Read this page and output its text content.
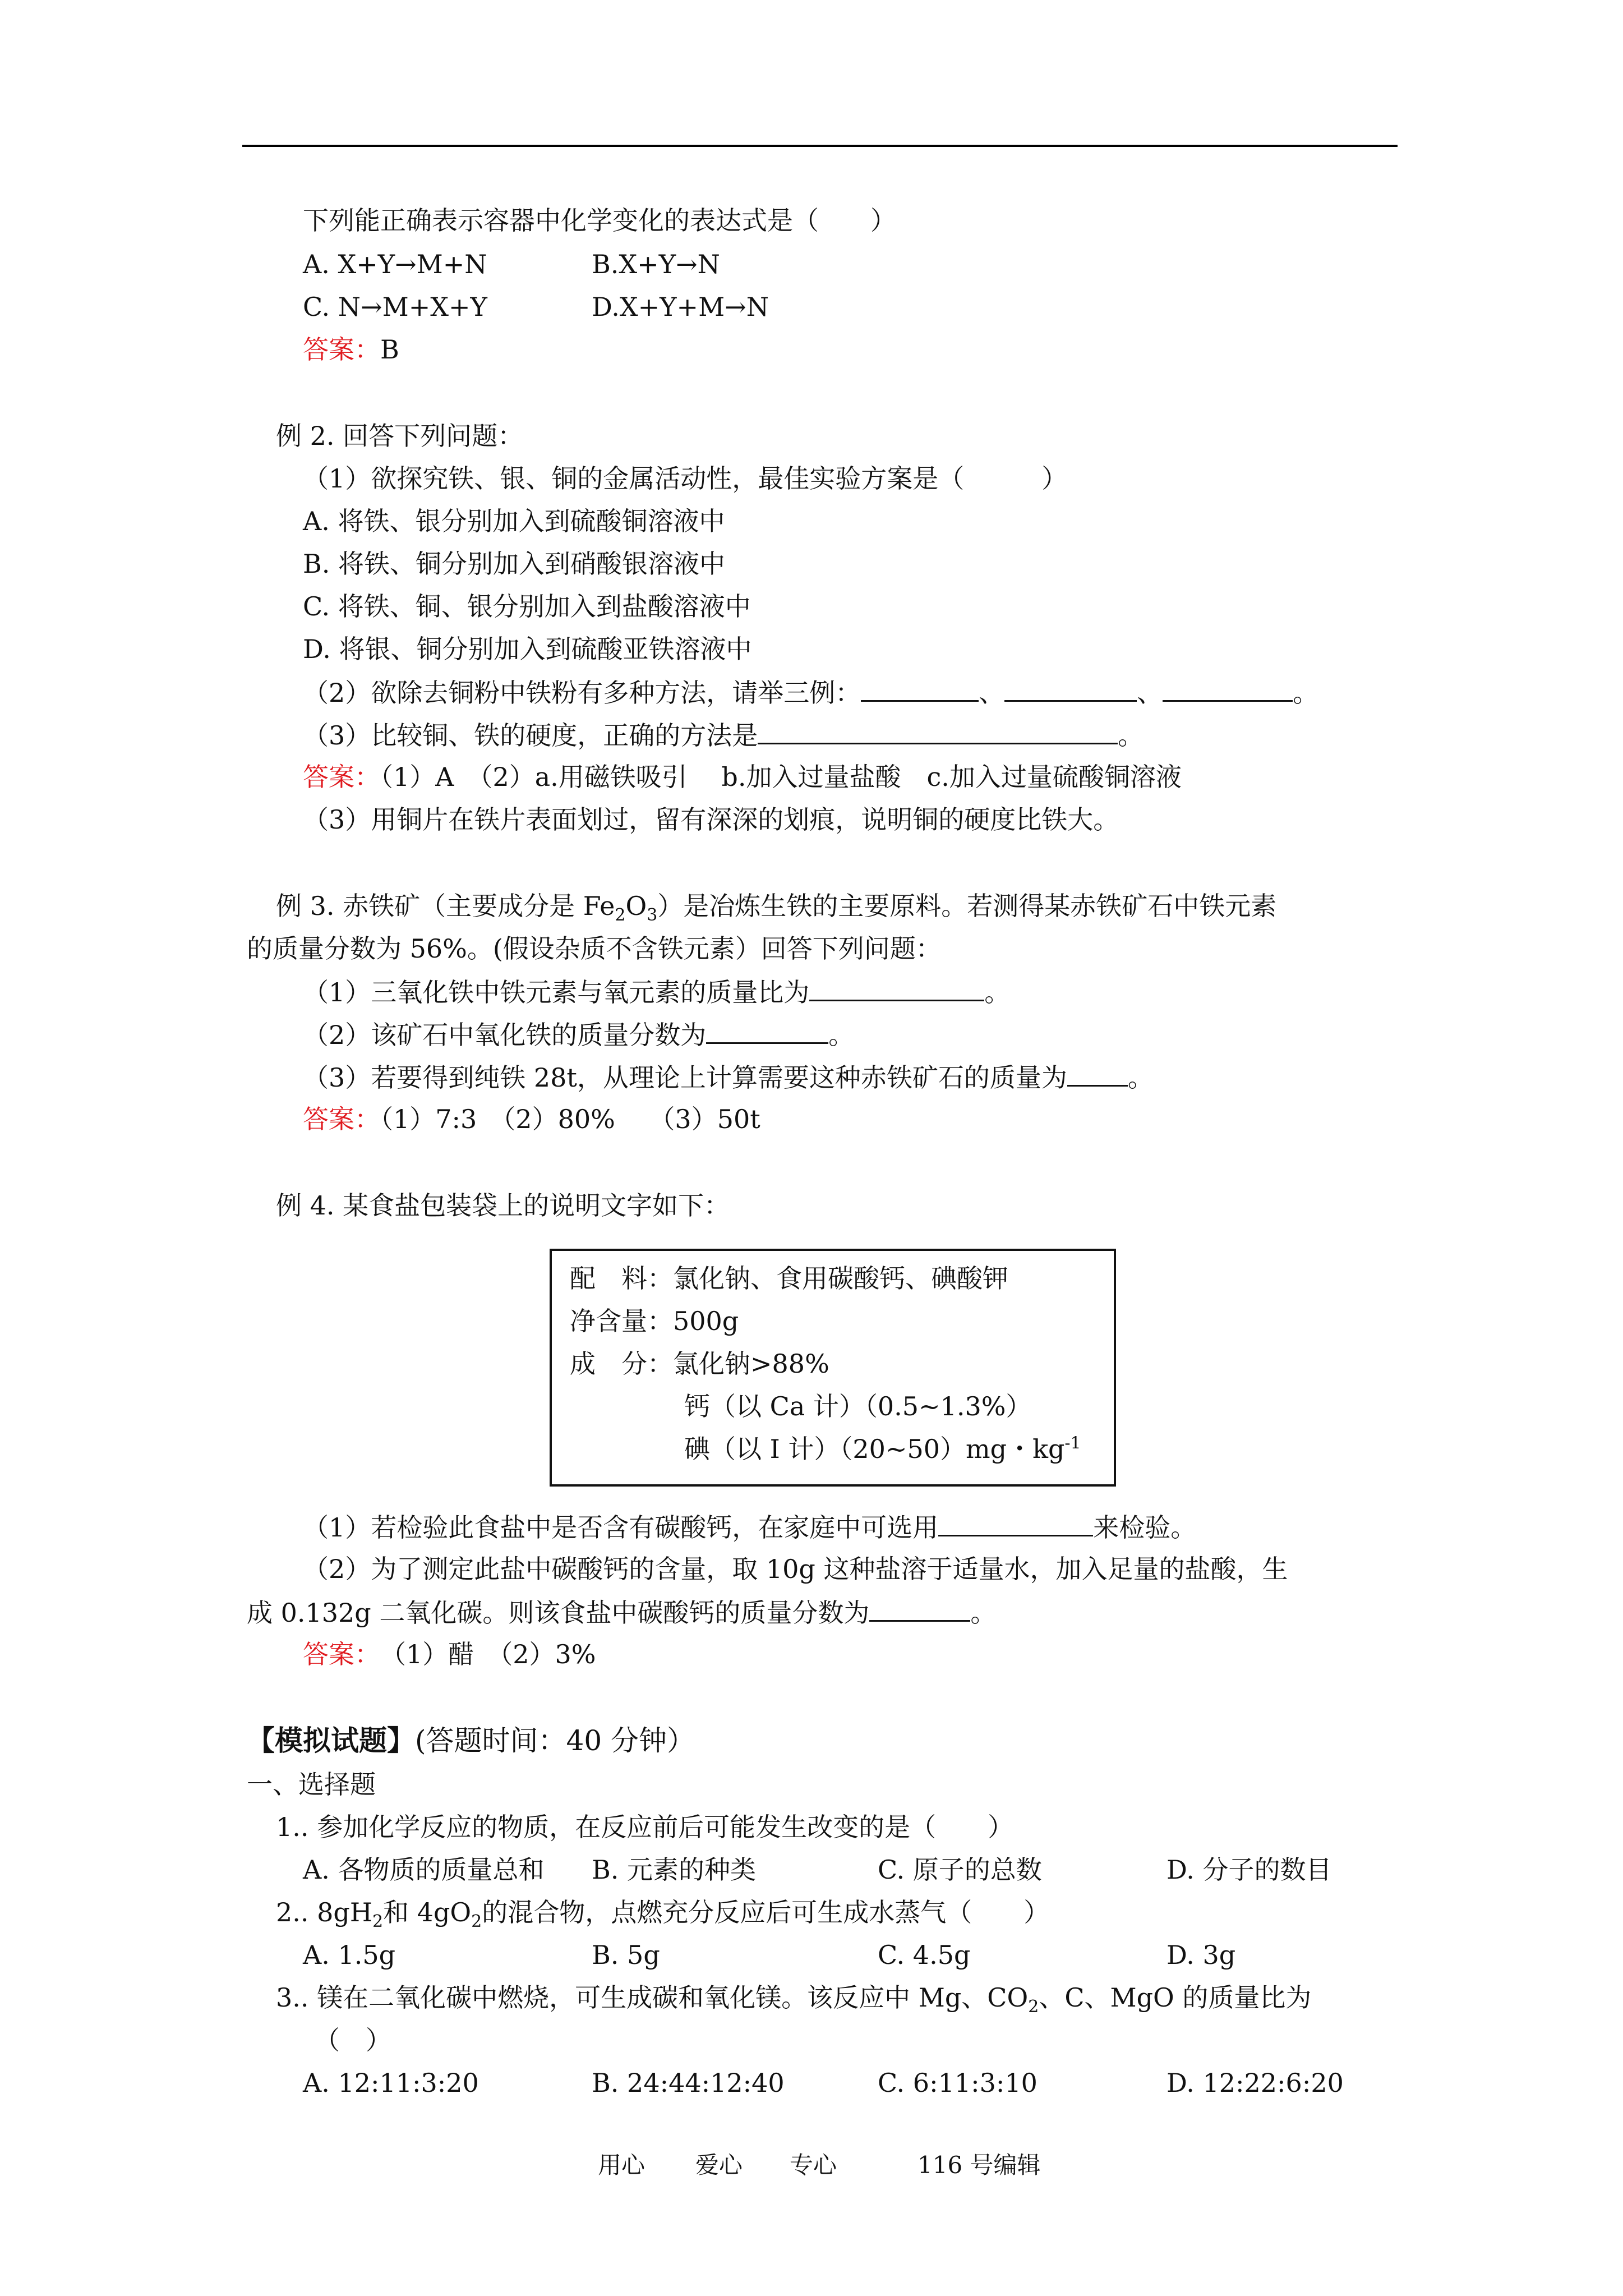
下列能正确表示容器中化学变化的表达式是（　　）
A. X+Y→M+N	B.X+Y→N
C. N→M+X+Y	D.X+Y+M→N
答案：B
例 2. 回答下列问题：
（1）欲探究铁、银、铜的金属活动性，最佳实验方案是（　　　）
A. 将铁、银分别加入到硫酸铜溶液中
B. 将铁、铜分别加入到硝酸银溶液中
C. 将铁、铜、银分别加入到盐酸溶液中
D. 将银、铜分别加入到硫酸亚铁溶液中
（2）欲除去铜粉中铁粉有多种方法，请举三例：	、	、	。
（3）比较铜、铁的硬度，正确的方法是	。
答案：（1）A　（2）a.用磁铁吸引　 b.加入过量盐酸　c.加入过量硫酸铜溶液
（3）用铜片在铁片表面划过，留有深深的划痕，说明铜的硬度比铁大。
例 3. 赤铁矿（主要成分是 $Fe_2O_3$）是冶炼生铁的主要原料。若测得某赤铁矿石中铁元素
的质量分数为 56%。(假设杂质不含铁元素）回答下列问题：
（1）三氧化铁中铁元素与氧元素的质量比为	。
（2）该矿石中氧化铁的质量分数为	。
（3）若要得到纯铁 28t，从理论上计算需要这种赤铁矿石的质量为 。
答案：（1）7:3　（2）80%　 （3）50t
例 4. 某食盐包装袋上的说明文字如下：
配　料：氯化钠、食用碳酸钙、碘酸钾
净含量：500g
成　分：氯化钠>88%
钙（以 Ca 计）（0.5~1.3%）
碘（以 I 计）（20~50）mg・$kg^{-1}$
（1）若检验此食盐中是否含有碳酸钙，在家庭中可选用	来检验。
（2）为了测定此盐中碳酸钙的含量，取 10g 这种盐溶于适量水，加入足量的盐酸，生
成 0.132g 二氧化碳。则该食盐中碳酸钙的质量分数为	。
答案：　（1）醋　（2）3%
【模拟试题】(答题时间：40 分钟）
一、选择题
1.. 参加化学反应的物质，在反应前后可能发生改变的是（　　）
A. 各物质的质量总和 B. 元素的种类	C. 原子的总数	D. 分子的数目
2.. $8gH_2$和 $4gO_2$的混合物，点燃充分反应后可生成水蒸气（　　）
A. 1.5g	B. 5g	C. 4.5g	D. 3g
3.. 镁在二氧化碳中燃烧，可生成碳和氧化镁。该反应中 Mg、$CO_2$、C、MgO 的质量比为
（　）
A. 12:11:3:20	B. 24:44:12:40	C. 6:11:3:10	D. 12:22:6:20
用心 爱心 专心	116 号编辑
